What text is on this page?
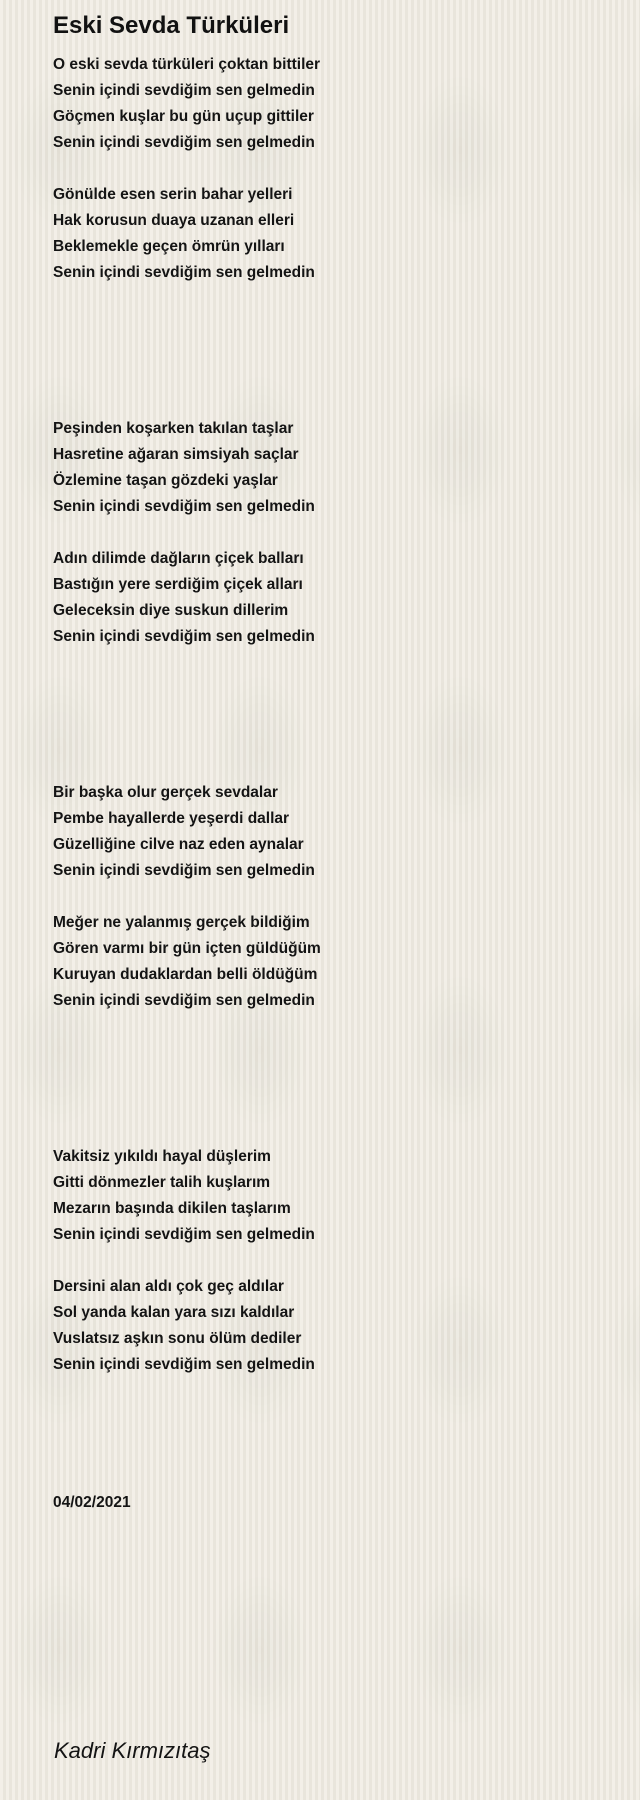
Eski Sevda Türküleri
O eski sevda türküleri çoktan bittiler
Senin içindi sevdiğim sen gelmedin
Göçmen kuşlar bu gün uçup gittiler
Senin içindi sevdiğim sen gelmedin
Gönülde esen serin bahar yelleri
Hak korusun duaya uzanan elleri
Beklemekle geçen ömrün yılları
Senin içindi sevdiğim sen gelmedin
Peşinden koşarken takılan taşlar
Hasretine ağaran simsiyah saçlar
Özlemine taşan gözdeki yaşlar
Senin içindi sevdiğim sen gelmedin
Adın dilimde dağların çiçek balları
Bastığın yere serdiğim çiçek alları
Geleceksin diye suskun dillerim
Senin içindi sevdiğim sen gelmedin
Bir başka olur gerçek sevdalar
Pembe hayallerde yeşerdi dallar
Güzelliğine cilve naz eden aynalar
Senin içindi sevdiğim sen gelmedin
Meğer ne yalanmış gerçek bildiğim
Gören varmı bir gün içten güldüğüm
Kuruyan dudaklardan belli öldüğüm
Senin içindi sevdiğim sen gelmedin
Vakitsiz yıkıldı hayal düşlerim
Gitti dönmezler talih kuşlarım
Mezarın başında dikilen taşlarım
Senin içindi sevdiğim sen gelmedin
Dersini alan aldı çok geç aldılar
Sol yanda kalan yara sızı kaldılar
Vuslatsız aşkın sonu ölüm dediler
Senin içindi sevdiğim sen gelmedin
04/02/2021
Kadri Kırmızıtaş
